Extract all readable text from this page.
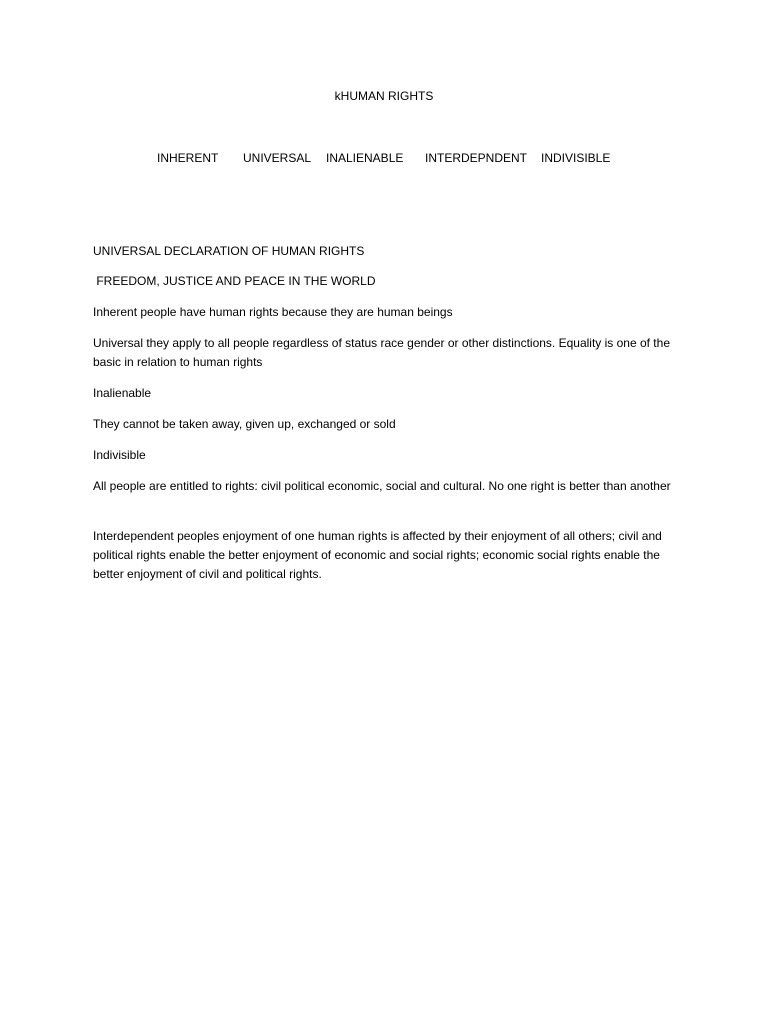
kHUMAN RIGHTS
INHERENT UNIVERSAL INALIENABLE INTERDEPNDENT INDIVISIBLE

UNIVERSAL DECLARATION OF HUMAN RIGHTS

FREEDOM, JUSTICE AND PEACE IN THE WORLD

Inherent people have human rights because they are human beings

Universal they apply to all people regardless of status race gender or other distinctions. Equality is one of the basic in relation to human rights

Inalienable

They cannot be taken away, given up, exchanged or sold

Indivisible

All people are entitled to rights: civil political economic, social and cultural. No one right is better than another

Interdependent peoples enjoyment of one human rights is affected by their enjoyment of all others; civil and political rights enable the better enjoyment of economic and social rights; economic social rights enable the better enjoyment of civil and political rights.
